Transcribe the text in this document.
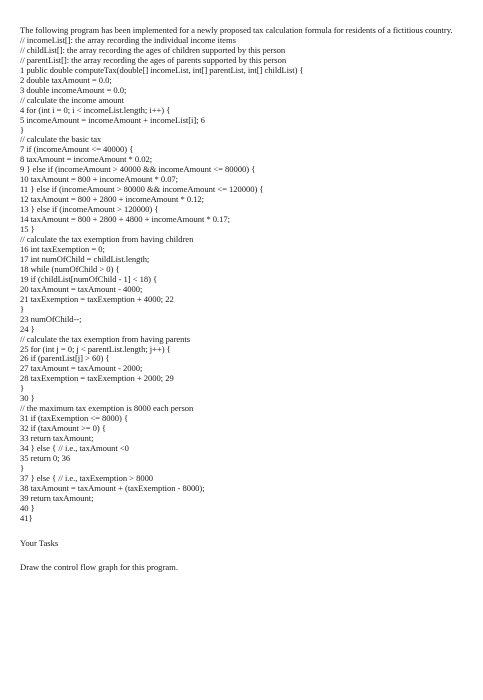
The following program has been implemented for a newly proposed tax calculation formula for residents of a fictitious country.

// incomeList[]: the array recording the individual income items

// childList[]: the array recording the ages of children supported by this person

// parentList[]: the array recording the ages of parents supported by this person

1 public double computeTax(double[] incomeList, int[] parentList, int[] childList) {

2 double taxAmount = 0.0;

3 double incomeAmount = 0.0;

// calculate the income amount

4 for (int i = 0; i < incomeList.length; i++) {

5 incomeAmount = incomeAmount + incomeList[i]; 6

}

// calculate the basic tax

7 if (incomeAmount <= 40000) {

8 taxAmount = incomeAmount * 0.02;

9 } else if (incomeAmount > 40000 && incomeAmount <= 80000) {

10 taxAmount = 800 + incomeAmount * 0.07;

11 } else if (incomeAmount > 80000 && incomeAmount <= 120000) {

12 taxAmount = 800 + 2800 + incomeAmount * 0.12;

13 } else if (incomeAmount > 120000) {

14 taxAmount = 800 + 2800 + 4800 + incomeAmount * 0.17;

15 }

// calculate the tax exemption from having children

16 int taxExemption = 0;

17 int numOfChild = childList.length;

18 while (numOfChild > 0) {

19 if (childList[numOfChild - 1] < 18) {

20 taxAmount = taxAmount - 4000;

21 taxExemption = taxExemption + 4000; 22

}

23 numOfChild--;

24 }

// calculate the tax exemption from having parents

25 for (int j = 0; j < parentList.length; j++) {

26 if (parentList[j] > 60) {

27 taxAmount = taxAmount - 2000;

28 taxExemption = taxExemption + 2000; 29

}

30 }

// the maximum tax exemption is 8000 each person

31 if (taxExemption <= 8000) {

32 if (taxAmount >= 0) {

33 return taxAmount;

34 } else { // i.e., taxAmount <0

35 return 0; 36

}

37 } else { // i.e., taxExemption > 8000

38 taxAmount = taxAmount + (taxExemption - 8000);

39 return taxAmount;

40 }

41}

Your Tasks

Draw the control flow graph for this program.
